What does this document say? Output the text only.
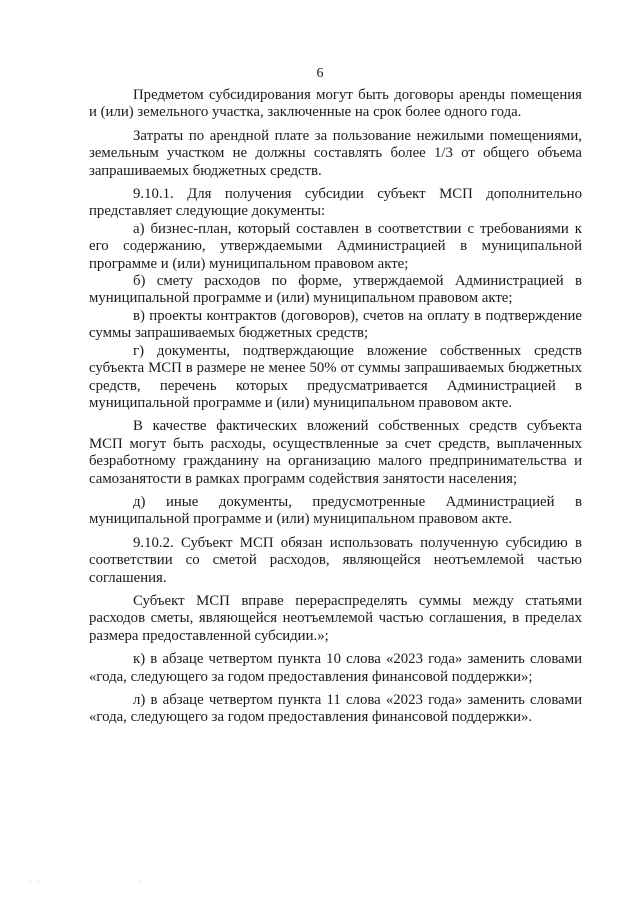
6

Предметом субсидирования могут быть договоры аренды помещения и (или) земельного участка, заключенные на срок более одного года.

Затраты по арендной плате за пользование нежилыми помещениями, земельным участком не должны составлять более 1/3 от общего объема запрашиваемых бюджетных средств.

9.10.1. Для получения субсидии субъект МСП дополнительно представляет следующие документы:

а) бизнес-план, который составлен в соответствии с требованиями к его содержанию, утверждаемыми Администрацией в муниципальной программе и (или) муниципальном правовом акте;

б) смету расходов по форме, утверждаемой Администрацией в муниципальной программе и (или) муниципальном правовом акте;

в) проекты контрактов (договоров), счетов на оплату в подтверждение суммы запрашиваемых бюджетных средств;

г) документы, подтверждающие вложение собственных средств субъекта МСП в размере не менее 50% от суммы запрашиваемых бюджетных средств, перечень которых предусматривается Администрацией в муниципальной программе и (или) муниципальном правовом акте.

В качестве фактических вложений собственных средств субъекта МСП могут быть расходы, осуществленные за счет средств, выплаченных безработному гражданину на организацию малого предпринимательства и самозанятости в рамках программ содействия занятости населения;

д) иные документы, предусмотренные Администрацией в муниципальной программе и (или) муниципальном правовом акте.

9.10.2. Субъект МСП обязан использовать полученную субсидию в соответствии со сметой расходов, являющейся неотъемлемой частью соглашения.

Субъект МСП вправе перераспределять суммы между статьями расходов сметы, являющейся неотъемлемой частью соглашения, в пределах размера предоставленной субсидии.»;

к) в абзаце четвертом пункта 10 слова «2023 года» заменить словами «года, следующего за годом предоставления финансовой поддержки»;

л) в абзаце четвертом пункта 11 слова «2023 года» заменить словами «года, следующего за годом предоставления финансовой поддержки».

. .                          .
